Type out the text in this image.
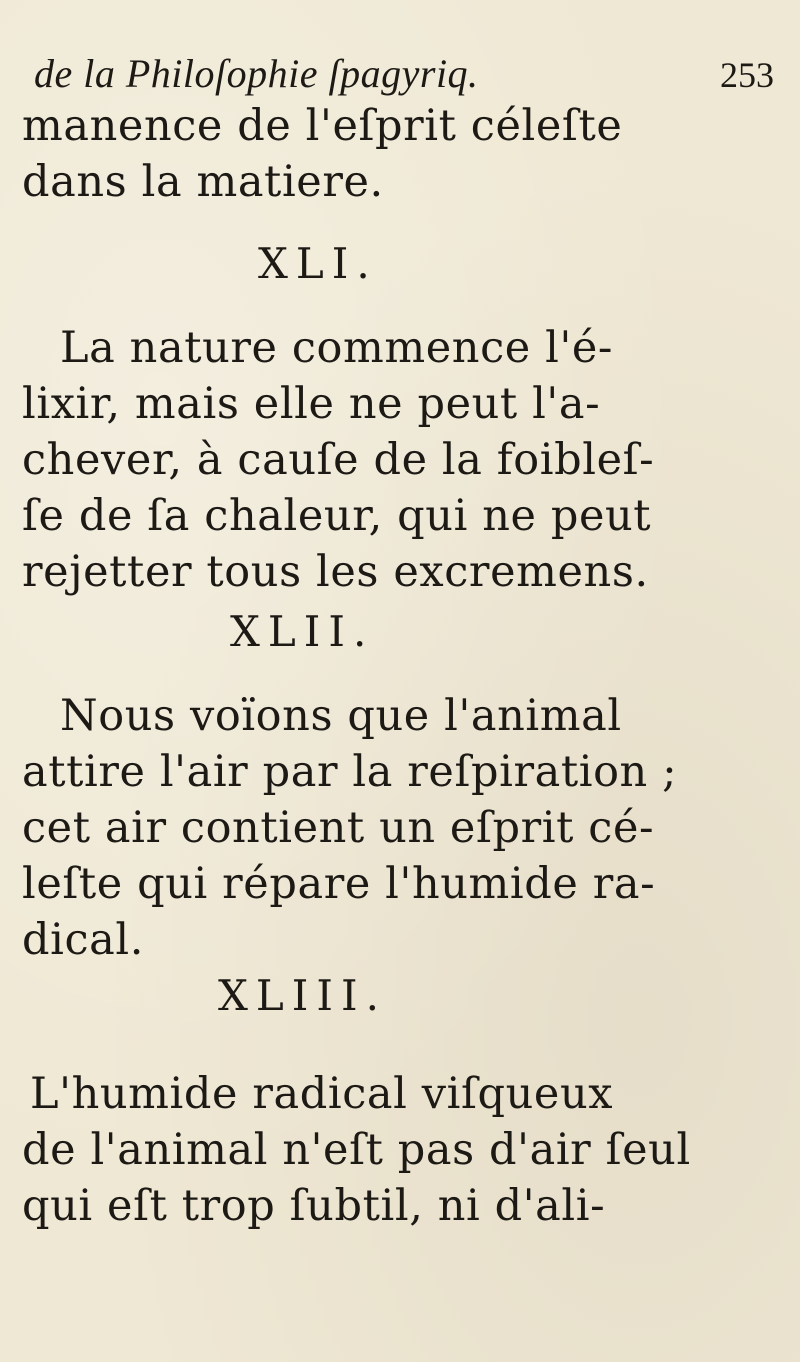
de la Philoſophie ſpagyriq.	253
manence de l'eſprit céleſte
dans la matiere.
XLI.
La nature commence l'é-
lixir, mais elle ne peut l'a-
chever, à cauſe de la foibleſ-
ſe de ſa chaleur, qui ne peut
rejetter tous les excremens.
XLII.
Nous voïons que l'animal
attire l'air par la reſpiration ;
cet air contient un eſprit cé-
leſte qui répare l'humide ra-
dical.
XLIII.
L'humide radical viſqueux
de l'animal n'eſt pas d'air ſeul
qui eſt trop ſubtil, ni d'ali-
